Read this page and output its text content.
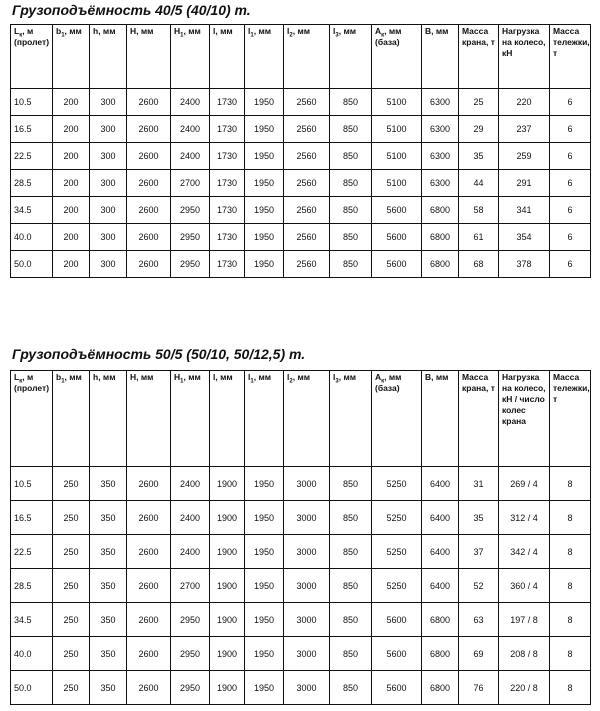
Грузоподъёмность 40/5 (40/10) т.
$L_к$, м (пролет)	$b_1$, мм	h, мм	H, мм	$H_1$, мм	l, мм	$l_1$, мм	$l_2$, мм	$l_3$, мм	$A_к$, мм (база)	B, мм	Масса крана, т	Нагрузка на колесо, кН	Масса тележки, т
10.5	200	300	2600	2400	1730	1950	2560	850	5100	6300	25	220	6
16.5	200	300	2600	2400	1730	1950	2560	850	5100	6300	29	237	6
22.5	200	300	2600	2400	1730	1950	2560	850	5100	6300	35	259	6
28.5	200	300	2600	2700	1730	1950	2560	850	5100	6300	44	291	6
34.5	200	300	2600	2950	1730	1950	2560	850	5600	6800	58	341	6
40.0	200	300	2600	2950	1730	1950	2560	850	5600	6800	61	354	6
50.0	200	300	2600	2950	1730	1950	2560	850	5600	6800	68	378	6
Грузоподъёмность 50/5 (50/10, 50/12,5) т.
$L_к$, м (пролет)	$b_1$, мм	h, мм	H, мм	$H_1$, мм	l, мм	$l_1$, мм	$l_2$, мм	$l_3$, мм	$A_к$, мм (база)	B, мм	Масса крана, т	Нагрузка на колесо, кН / число колес крана	Масса тележки, т
10.5	250	350	2600	2400	1900	1950	3000	850	5250	6400	31	269 / 4	8
16.5	250	350	2600	2400	1900	1950	3000	850	5250	6400	35	312 / 4	8
22.5	250	350	2600	2400	1900	1950	3000	850	5250	6400	37	342 / 4	8
28.5	250	350	2600	2700	1900	1950	3000	850	5250	6400	52	360 / 4	8
34.5	250	350	2600	2950	1900	1950	3000	850	5600	6800	63	197 / 8	8
40.0	250	350	2600	2950	1900	1950	3000	850	5600	6800	69	208 / 8	8
50.0	250	350	2600	2950	1900	1950	3000	850	5600	6800	76	220 / 8	8
